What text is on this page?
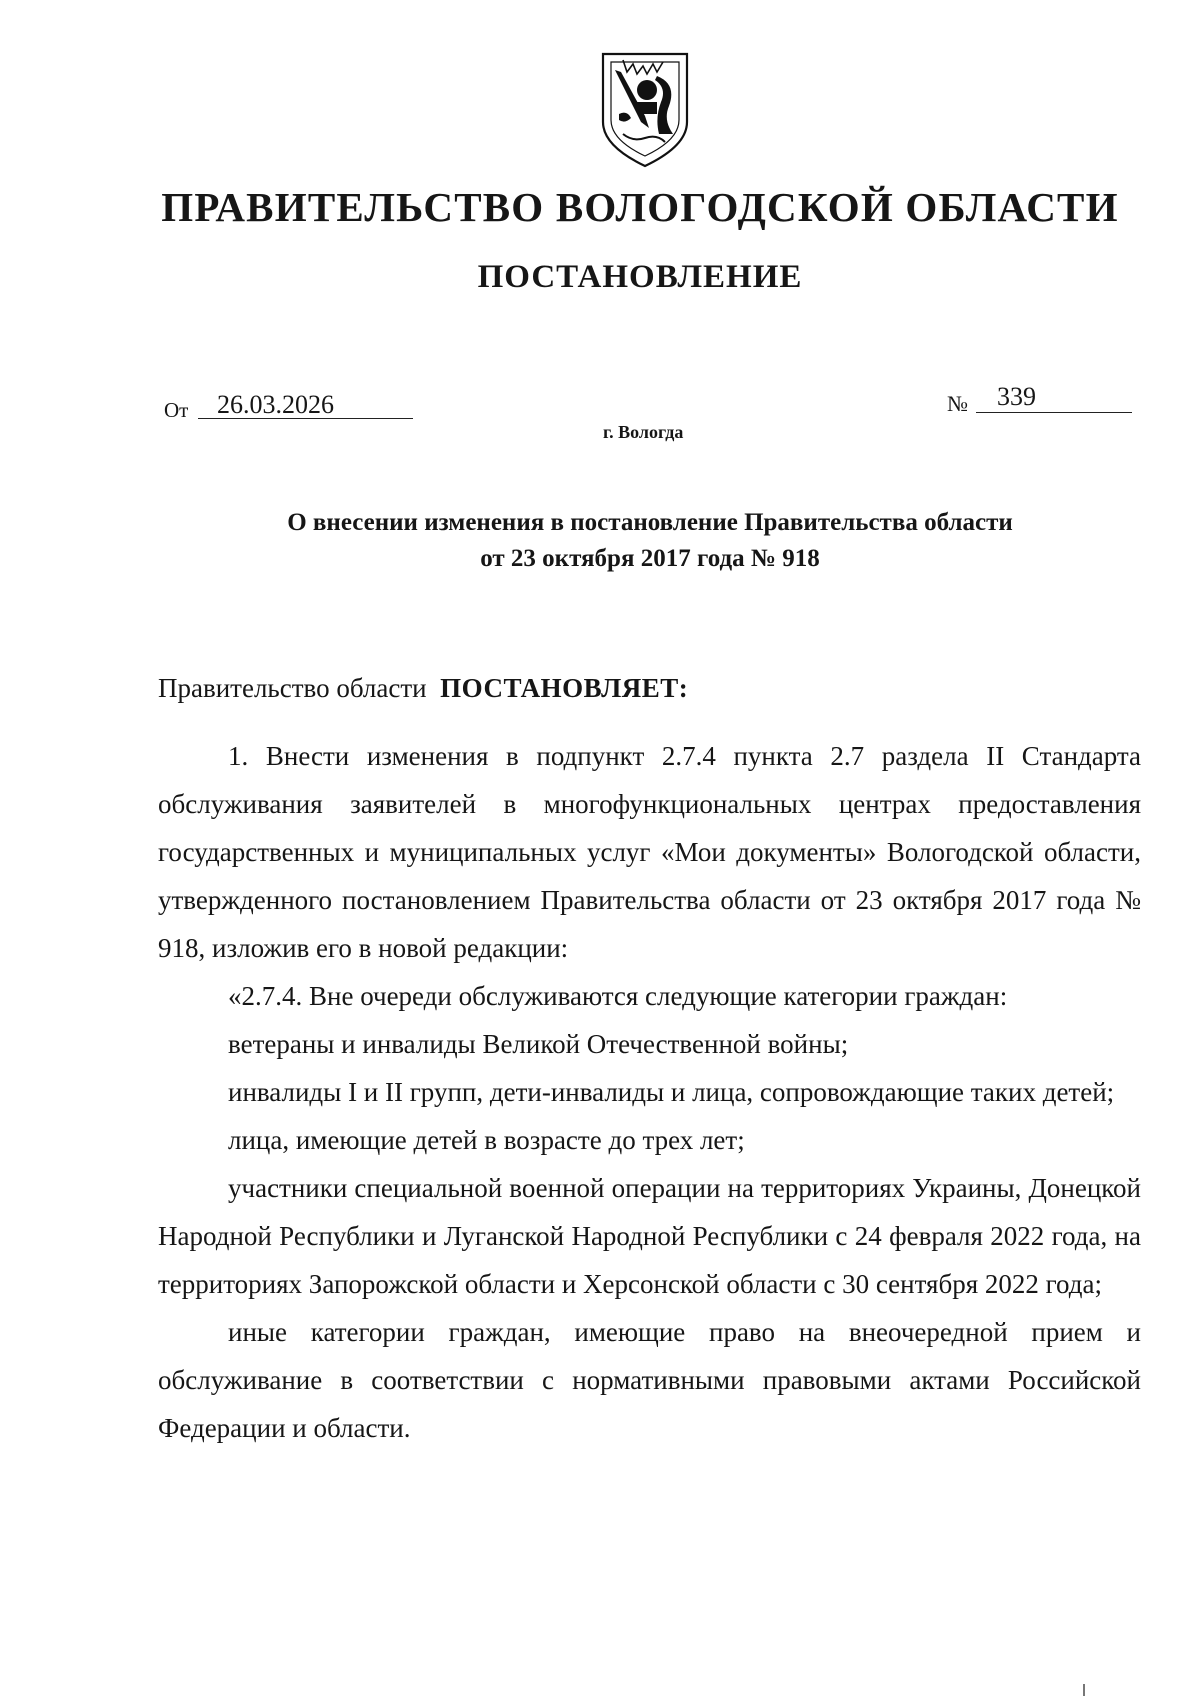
ПРАВИТЕЛЬСТВО ВОЛОГОДСКОЙ ОБЛАСТИ
ПОСТАНОВЛЕНИЕ
От 26.03.2026	№ 339
г. Вологда
О внесении изменения в постановление Правительства области
от 23 октября 2017 года № 918

Правительство области ПОСТАНОВЛЯЕТ:

1. Внести изменения в подпункт 2.7.4 пункта 2.7 раздела II Стандарта обслуживания заявителей в многофункциональных центрах предоставления государственных и муниципальных услуг «Мои документы» Вологодской области, утвержденного постановлением Правительства области от 23 октября 2017 года № 918, изложив его в новой редакции:

«2.7.4. Вне очереди обслуживаются следующие категории граждан:

ветераны и инвалиды Великой Отечественной войны;

инвалиды I и II групп, дети-инвалиды и лица, сопровождающие таких детей;

лица, имеющие детей в возрасте до трех лет;

участники специальной военной операции на территориях Украины, Донецкой Народной Республики и Луганской Народной Республики с 24 февраля 2022 года, на территориях Запорожской области и Херсонской области с 30 сентября 2022 года;

иные категории граждан, имеющие право на внеочередной прием и обслуживание в соответствии с нормативными правовыми актами Российской Федерации и области.
